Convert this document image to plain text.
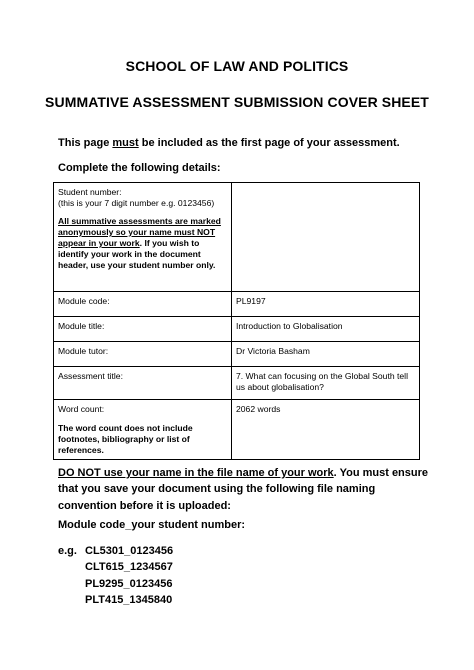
SCHOOL OF LAW AND POLITICS
SUMMATIVE ASSESSMENT SUBMISSION COVER SHEET
This page must be included as the first page of your assessment.
Complete the following details:
Student number:
(this is your 7 digit number e.g. 0123456)
All summative assessments are marked anonymously so your name must NOT appear in your work. If you wish to identify your work in the document header, use your student number only.	

Module code:	PL9197
Module title:	Introduction to Globalisation
Module tutor:	Dr Victoria Basham
Assessment title:	7. What can focusing on the Global South tell us about globalisation?

Word count:
The word count does not include footnotes, bibliography or list of references.	2062 words
DO NOT use your name in the file name of your work. You must ensure that you save your document using the following file naming convention before it is uploaded:
Module code_your student number:
e.g. CL5301_0123456
CLT615_1234567
PL9295_0123456
PLT415_1345840
